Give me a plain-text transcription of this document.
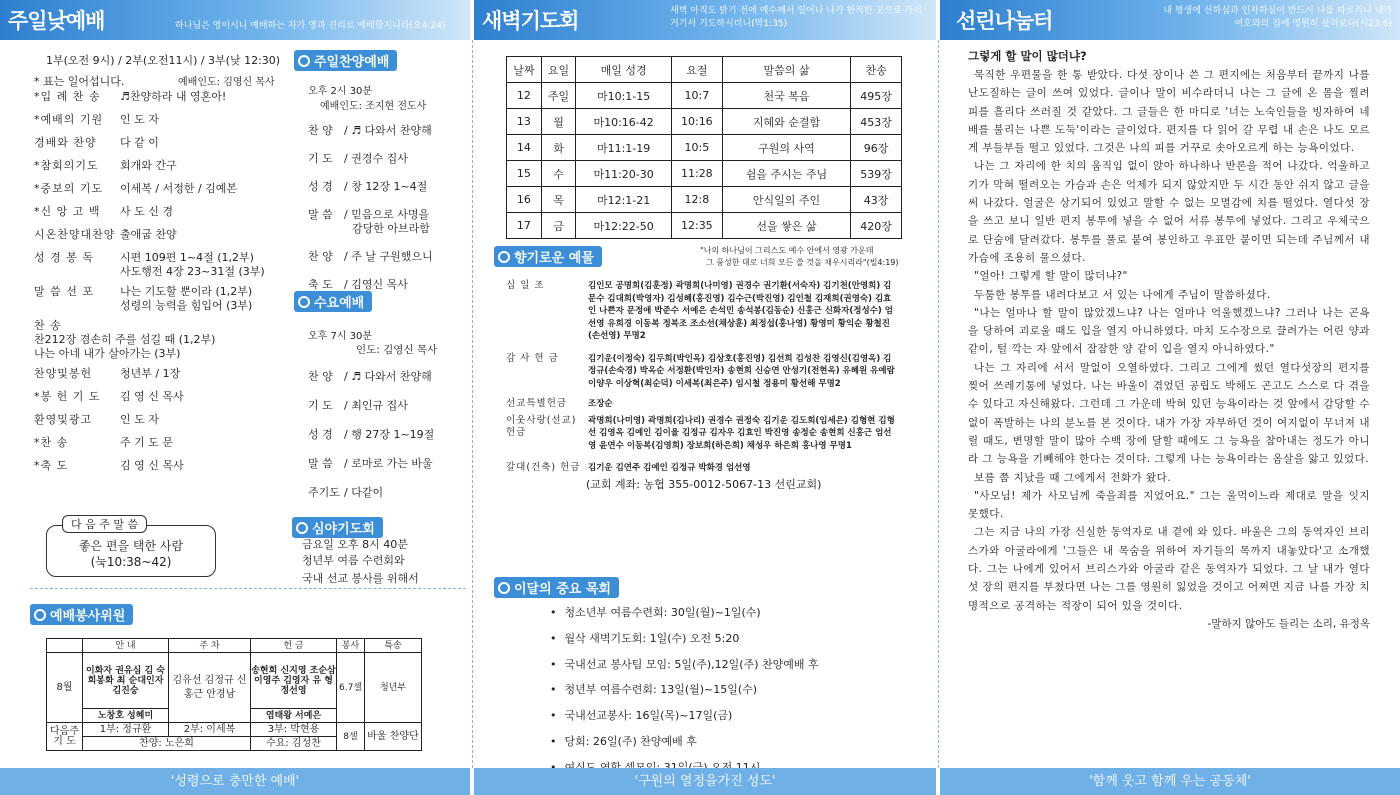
주일낮예배	하나님은 영이시니 예배하는 자가 영과 진리로 예배할지니라(요4:24) 새벽기도회	새벽 아직도 밝기 전에 예수께서 일어나 나가 한적한 곳으로 가서 거기서 기도하시더니(막1:35)	선린나눔터	내 평생에 선하심과 인자하심이 반드시 나를 따르리니 내가 여호와의 집에 영원히 살리로다(시23:6)
1부(오전 9시) / 2부(오전11시) / 3부(낮 12:30)
* 표는 일어섭니다.	예배인도: 김영신 목사
*입 례 찬 송 ♬찬양하라 내 영혼아!
*예배의 기원 인 도 자
경배와 찬양 다 같 이
*참회의기도 회개와 간구
*중보의 기도 이세복 / 서정한 / 김예본
*신 앙 고 백 사 도 신 경
시온찬양대찬양 출애굽 찬양
성 경 봉 독 시편 109편 1~4절 (1,2부)
사도행전 4장 23~31절 (3부)
말 씀 선 포 나는 기도할 뿐이라 (1,2부)
성령의 능력을 힘입어 (3부)
찬 송
찬212장 겸손히 주를 섬길 때 (1,2부)
나는 아네 내가 살아가는 (3부)
찬양및봉헌	청년부 / 1장
*봉 헌 기 도 김 영 신 목사
환영및광고	인 도 자
*찬 송	주 기 도 문
*축 도	김 영 신 목사
다 음 주 말 씀
좋은 편을 택한 사람
(눅10:38~42)
주일찬양예배
오후 2시 30분
예배인도: 조지현 전도사
찬 양 / ♬ 다와서 찬양해
기 도 / 권경수 집사
성 경 / 창 12장 1~4절
말 씀 / 믿음으로 사명을
감당한 아브라함
찬 양 / 주 날 구원했으니
축 도 / 김영신 목사
수요예배
오후 7시 30분
인도: 김영신 목사
찬 양 / ♬ 다와서 찬양해
기 도 / 최인규 집사
성 경 / 행 27장 1~19절
말 씀 / 로마로 가는 바울
주기도 / 다같이
심야기도회
금요일 오후 8시 40분
청년부 여름 수련회와
국내 선교 봉사를 위해서
예배봉사위원
	안 내	주 차	헌 금	봉사	특송
8월	이화자 권유심 김 숙희봉화 최 순대인자 김진숭	김유선 김정규 신홍근 안경남	송현희 신지영 조순삼 이영주 김영자 유 형 정선영	6.7셀	청년부
	노창호 성혜미		염태왕 서예은		
다음주 기 도	1부: 정규환	2부: 이세복	3부: 박현용	8셀	바울 찬양단
	찬양: 노은희		수요: 김성찬		
날짜	요일	매일 성경	요절	말씀의 삶	찬송
12	주일	마10:1-15	10:7	천국 복음	495장
13	월	마10:16-42	10:16	지혜와 순결함	453장
14	화	마11:1-19	10:5	구원의 사역	96장
15	수	마11:20-30	11:28	쉼을 주시는 주님	539장
16	목	마12:1-21	12:8	안식일의 주인	43장
17	금	마12:22-50	12:35	선을 쌓은 삶	420장
향기로운 예물
"나의 하나님이 그리스도 예수 안에서 영광 가운데
그 풍성한 대로 너희 모든 쓸 것을 채우시리라"(빌4:19)
십 일 조	김인모 공명희(김훈정) 곽명희(나미영) 권경수 권기환(서숙자) 김기천(안영희) 김문수 김대희(박영자) 김성혜(홍진영) 김수근(박진영) 김인철 김재희(권영숙) 김효인 나쁜자 문정애 박준수 서예은 손석민 송석봉(김동순) 신홍근 신화자(정성수) 엄선영 유희경 이동복 정복조 조소선(채상훈) 최정섭(홍나영) 황영미 황익순 황철진(손선영) 무명2
감 사 헌 금	김기운(이정숙) 김두희(박인옥) 김상호(홍진영) 김선희 김성찬 김영신(김영옥) 김정규(손숙경) 박옥순 서정환(박인자) 송현희 신승연 안성기(전현옥) 유혜원 유예람 이양우 이상혁(최순덕) 이세복(최은주) 임시철 정용미 황선해 무명2
선교특별헌금	조장순
이웃사랑(선교) 헌금
곽명희(나미영) 곽명희(김나리) 권경수 권정숙 김기운 김도희(임세은) 김형현 김형선 김영옥 김예인 김이율 김정규 김자우 김효인 박진영 송정순 송현희 신홍근 엄선영 윤연수 이동복(김영희) 장보희(하은희) 채성우 하은희 홍나영 무명1
갈대(건축) 헌금 김기운 김연주 김예인 김정규 박화경 엄선영
(교회 계좌: 농협 355-0012-5067-13 선린교회)
이달의 중요 목회
• 청소년부 여름수련회: 30일(월)~1일(수)
• 월삭 새벽기도회: 1일(수) 오전 5:20
• 국내선교 봉사팀 모임: 5일(주),12일(주) 찬양예배 후
• 청년부 여름수련회: 13일(월)~15일(수)
• 국내선교봉사: 16일(목)~17일(금)
• 당회: 26일(주) 찬양예배 후
•
그렇게 할 말이 많더냐?
묵직한 우편물을 한 통 받았다. 다섯 장이나 쓴 그 편지에는 처음부터 끝까지 나를 난도질하는 글이 쓰여 있었다. 글이나 말이 비수라더니 나는 그 글에 온 몸을 찔려 피를 흘리다 쓰러질 것 같았다. 그 글들은 한 마디로 '너는 노숙인들을 빙자하여 네 배를 불리는 나쁜 도둑'이라는 글이었다. 편지를 다 읽어 갈 무렵 내 손은 나도 모르게 부들부들 떨고 있었다. 그것은 나의 피를 거꾸로 솟아오르게 하는 능욕이었다.
나는 그 자리에 한 치의 움직임 없이 앉아 하나하나 반론을 적어 나갔다. 억울하고 기가 막혀 떨려오는 가슴과 손은 억제가 되지 않았지만 두 시간 동안 쉬지 않고 글을 써 나갔다. 얼굴은 상기되어 있었고 말할 수 없는 모멸감에 치를 떨었다. 열다섯 장을 쓰고 보니 일반 편지 봉투에 넣을 수 없어 서류 봉투에 넣었다. 그리고 우체국으로 단숨에 달려갔다. 봉투를 풀로 붙여 봉인하고 우표만 붙이면 되는데 주님께서 내 가슴에 조용히 물으셨다.
"얼아! 그렇게 할 말이 많더냐?"
두툼한 봉투를 내려다보고 서 있는 나에게 주님이 말씀하셨다.
"나는 얼마나 할 말이 많았겠느냐? 나는 얼마나 억울했겠느냐? 그러나 나는 곤욕을 당하여 괴로울 때도 입을 열지 아니하였다. 마치 도수장으로 끌려가는 어린 양과 같이, 털 깍는 자 앞에서 잠잠한 양 같이 입을 열지 아니하였다."
나는 그 자리에 서서 말없이 오열하였다. 그리고 그에게 썼던 열다섯장의 편지를 찢어 쓰레기통에 넣었다. 나는 바울이 겪었던 공립도 박해도 곤고도 스스로 다 겪을 수 있다고 자신해왔다. 그런데 그 가운데 박혀 있던 능욕이라는 것 앞에서 감당할 수 없이 폭발하는 나의 분노를 본 것이다. 내가 가장 자부하던 것이 여지없이 무너져 내릴 때도, 변명할 말이 많아 수백 장에 달할 때에도 그 능욕을 참아내는 정도가 아니라 그 능욕을 기빼해야 한다는 것이다. 그렇게 나는 능욕이라는 옴살을 앓고 있었다.
보름 쯤 지났을 때 그에게서 전화가 왔다.
"사모님! 제가 사모님께 죽을죄를 지었어요." 그는 울먹이느라 제대로 말을 잇지 못했다.
그는 지금 나의 가장 신실한 동역자로 내 곁에 와 있다. 바울은 그의 동역자인 브리스가와 아굴라에게 '그들은 내 목숨을 위하여 자기들의 목까지 내놓았다'고 소개했다. 그는 나에게 있어서 브리스가와 아굴라 같은 동역자가 되었다. 그 날 내가 열다섯 장의 편지를 부쳤다면 나는 그를 영원히 잃었을 것이고 어쩌면 지금 나를 가장 치명적으로 공격하는 적장이 되어 있을 것이다.
-말하지 않아도 들리는 소리, 유정옥
'성령으로 충만한 예배'	'구원의 열정을가진 성도'	'함께 웃고 함께 우는 공동체'
